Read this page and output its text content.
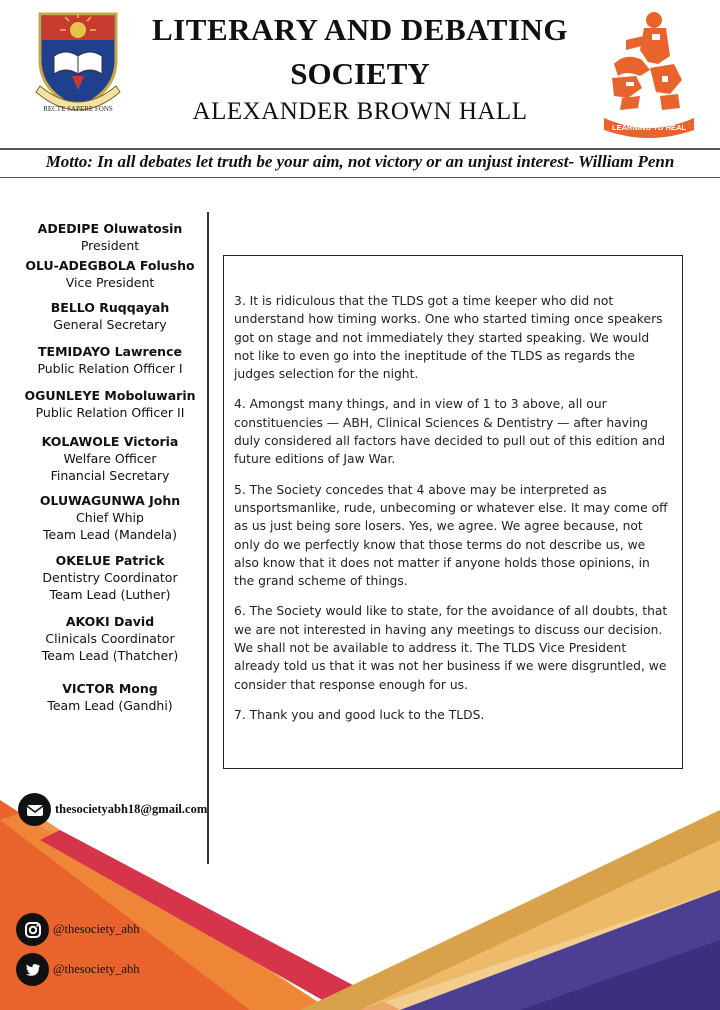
RECTE SAPERE FONS
LEARNING TO HEAL
LITERARY AND DEBATING
SOCIETY
ALEXANDER BROWN HALL
Motto: In all debates let truth be your aim, not victory or an unjust interest- William Penn
ADEDIPE Oluwatosin
President
OLU-ADEGBOLA Folusho
Vice President
BELLO Ruqqayah
General Secretary
TEMIDAYO Lawrence
Public Relation Officer I
OGUNLEYE Moboluwarin
Public Relation Officer II
KOLAWOLE Victoria
Welfare Officer
Financial Secretary
OLUWAGUNWA John
Chief Whip
Team Lead (Mandela)
OKELUE Patrick
Dentistry Coordinator
Team Lead (Luther)
AKOKI David
Clinicals Coordinator
Team Lead (Thatcher)
VICTOR Mong
Team Lead (Gandhi)

3. It is ridiculous that the TLDS got a time keeper who did not understand how timing works. One who started timing once speakers got on stage and not immediately they started speaking. We would not like to even go into the ineptitude of the TLDS as regards the judges selection for the night.

4. Amongst many things, and in view of 1 to 3 above, all our constituencies — ABH, Clinical Sciences & Dentistry — after having duly considered all factors have decided to pull out of this edition and future editions of Jaw War.

5. The Society concedes that 4 above may be interpreted as unsportsmanlike, rude, unbecoming or whatever else. It may come off as us just being sore losers. Yes, we agree. We agree because, not only do we perfectly know that those terms do not describe us, we also know that it does not matter if anyone holds those opinions, in the grand scheme of things.

6. The Society would like to state, for the avoidance of all doubts, that we are not interested in having any meetings to discuss our decision. We shall not be available to address it. The TLDS Vice President already told us that it was not her business if we were disgruntled, we consider that response enough for us.

7. Thank you and good luck to the TLDS.

thesocietyabh18@gmail.com
@thesociety_abh
@thesociety_abh
